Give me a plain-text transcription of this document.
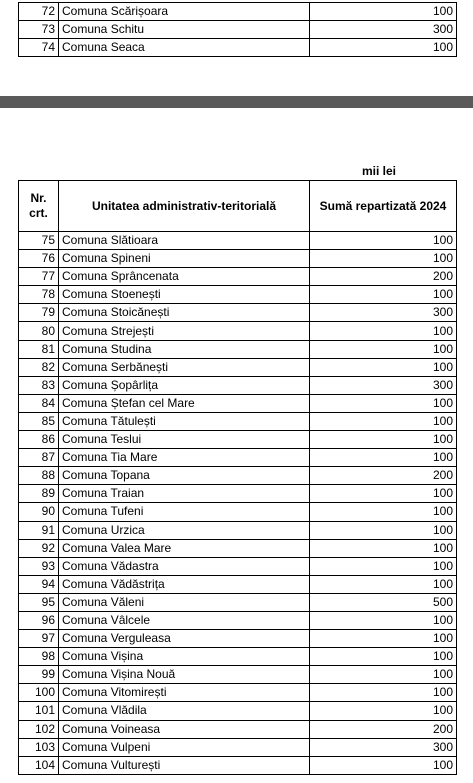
72	Comuna Scărișoara	100
73	Comuna Schitu	300
74	Comuna Seaca	100
mii lei
Nr. crt.	Unitatea administrativ-teritorială	Sumă repartizată 2024
75	Comuna Slătioara	100
76	Comuna Spineni	100
77	Comuna Sprâncenata	200
78	Comuna Stoenești	100
79	Comuna Stoicănești	300
80	Comuna Strejești	100
81	Comuna Studina	100
82	Comuna Serbănești	100
83	Comuna Șopârlița	300
84	Comuna Ștefan cel Mare	100
85	Comuna Tătulești	100
86	Comuna Teslui	100
87	Comuna Tia Mare	100
88	Comuna Topana	200
89	Comuna Traian	100
90	Comuna Tufeni	100
91	Comuna Urzica	100
92	Comuna Valea Mare	100
93	Comuna Vădastra	100
94	Comuna Vădăstrița	100
95	Comuna Văleni	500
96	Comuna Vâlcele	100
97	Comuna Verguleasa	100
98	Comuna Vișina	100
99	Comuna Vișina Nouă	100
100	Comuna Vitomirești	100
101	Comuna Vlădila	100
102	Comuna Voineasa	200
103	Comuna Vulpeni	300
104	Comuna Vulturești	100
